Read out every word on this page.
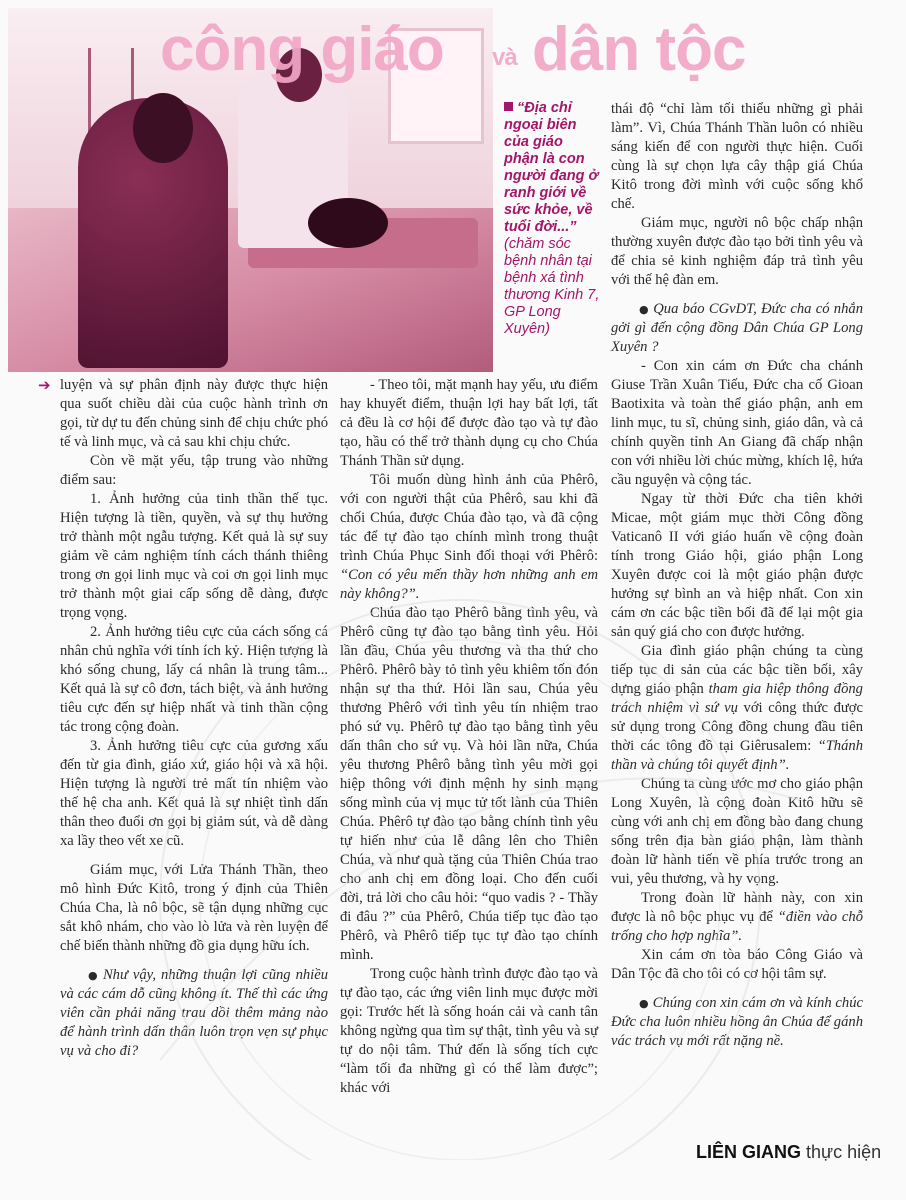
công giáo và dân tộc
“Địa chỉ ngoại biên của giáo phận là con người đang ở ranh giới về sức khỏe, về tuổi đời...” (chăm sóc bệnh nhân tại bệnh xá tình thương Kinh 7, GP Long Xuyên)
➔ luyện và sự phân định này được thực hiện qua suốt chiều dài của cuộc hành trình ơn gọi, từ dự tu đến chủng sinh để chịu chức phó tế và linh mục, và cả sau khi chịu chức.

Còn về mặt yếu, tập trung vào những điểm sau:

1. Ảnh hưởng của tinh thần thế tục. Hiện tượng là tiền, quyền, và sự thụ hưởng trở thành một ngẫu tượng. Kết quả là sự suy giảm về cảm nghiệm tính cách thánh thiêng trong ơn gọi linh mục và coi ơn gọi linh mục trở thành một giai cấp sống dễ dàng, được trọng vọng.

2. Ảnh hưởng tiêu cực của cách sống cá nhân chủ nghĩa với tính ích kỷ. Hiện tượng là khó sống chung, lấy cá nhân là trung tâm... Kết quả là sự cô đơn, tách biệt, và ảnh hưởng tiêu cực đến sự hiệp nhất và tinh thần cộng tác trong cộng đoàn.

3. Ảnh hưởng tiêu cực của gương xấu đến từ gia đình, giáo xứ, giáo hội và xã hội. Hiện tượng là người trẻ mất tín nhiệm vào thế hệ cha anh. Kết quả là sự nhiệt tình dấn thân theo đuổi ơn gọi bị giảm sút, và dễ dàng xa lầy theo vết xe cũ.

Giám mục, với Lửa Thánh Thần, theo mô hình Đức Kitô, trong ý định của Thiên Chúa Cha, là nô bộc, sẽ tận dụng những cục sắt khô nhám, cho vào lò lửa và rèn luyện để chế biến thành những đồ gia dụng hữu ích.

● Như vậy, những thuận lợi cũng nhiều và các cám dỗ cũng không ít. Thế thì các ứng viên cần phải năng trau dồi thêm mảng nào để hành trình dấn thân luôn trọn vẹn sự phục vụ và cho đi?

- Theo tôi, mặt mạnh hay yếu, ưu điểm hay khuyết điểm, thuận lợi hay bất lợi, tất cả đều là cơ hội để được đào tạo và tự đào tạo, hầu có thể trở thành dụng cụ cho Chúa Thánh Thần sử dụng.

Tôi muốn dùng hình ảnh của Phêrô, với con người thật của Phêrô, sau khi đã chối Chúa, được Chúa đào tạo, và đã cộng tác để tự đào tạo chính mình trong thuật trình Chúa Phục Sinh đối thoại với Phêrô: “Con có yêu mến thầy hơn những anh em này không?”.

Chúa đào tạo Phêrô bằng tình yêu, và Phêrô cũng tự đào tạo bằng tình yêu. Hỏi lần đầu, Chúa yêu thương và tha thứ cho Phêrô. Phêrô bày tỏ tình yêu khiêm tốn đón nhận sự tha thứ. Hỏi lần sau, Chúa yêu thương Phêrô với tình yêu tín nhiệm trao phó sứ vụ. Phêrô tự đào tạo bằng tình yêu dấn thân cho sứ vụ. Và hỏi lần nữa, Chúa yêu thương Phêrô bằng tình yêu mời gọi hiệp thông với định mệnh hy sinh mạng sống mình của vị mục tử tốt lành của Thiên Chúa. Phêrô tự đào tạo bằng chính tình yêu tự hiến như của lễ dâng lên cho Thiên Chúa, và như quà tặng của Thiên Chúa trao cho anh chị em đồng loại. Cho đến cuối đời, trả lời cho câu hỏi: “quo vadis ? - Thầy đi đâu ?” của Phêrô, Chúa tiếp tục đào tạo Phêrô, và Phêrô tiếp tục tự đào tạo chính mình.

Trong cuộc hành trình được đào tạo và tự đào tạo, các ứng viên linh mục được mời gọi: Trước hết là sống hoán cải và canh tân không ngừng qua tìm sự thật, tình yêu và sự tự do nội tâm. Thứ đến là sống tích cực “làm tối đa những gì có thể làm được”; khác với

thái độ “chỉ làm tối thiểu những gì phải làm”. Vì, Chúa Thánh Thần luôn có nhiều sáng kiến để con người thực hiện. Cuối cùng là sự chọn lựa cây thập giá Chúa Kitô trong đời mình với cuộc sống khổ chế.

Giám mục, người nô bộc chấp nhận thường xuyên được đào tạo bởi tình yêu và để chia sẻ kinh nghiệm đáp trả tình yêu với thế hệ đàn em.

● Qua báo CGvDT, Đức cha có nhắn gởi gì đến cộng đồng Dân Chúa GP Long Xuyên ?

- Con xin cám ơn Đức cha chánh Giuse Trần Xuân Tiếu, Đức cha cố Gioan Baotixita và toàn thể giáo phận, anh em linh mục, tu sĩ, chủng sinh, giáo dân, và cả chính quyền tỉnh An Giang đã chấp nhận con với nhiều lời chúc mừng, khích lệ, hứa cầu nguyện và cộng tác.

Ngay từ thời Đức cha tiên khởi Micae, một giám mục thời Công đồng Vaticanô II với giáo huấn về cộng đoàn tính trong Giáo hội, giáo phận Long Xuyên được coi là một giáo phận được hưởng sự bình an và hiệp nhất. Con xin cám ơn các bậc tiền bối đã để lại một gia sản quý giá cho con được hưởng.

Gia đình giáo phận chúng ta cùng tiếp tục di sản của các bậc tiền bối, xây dựng giáo phận tham gia hiệp thông đồng trách nhiệm vì sứ vụ với công thức được sử dụng trong Công đồng chung đầu tiên thời các tông đồ tại Giêrusalem: “Thánh thần và chúng tôi quyết định”.

Chúng ta cùng ước mơ cho giáo phận Long Xuyên, là cộng đoàn Kitô hữu sẽ cùng với anh chị em đồng bào đang chung sống trên địa bàn giáo phận, làm thành đoàn lữ hành tiến về phía trước trong an vui, yêu thương, và hy vọng.

Trong đoàn lữ hành này, con xin được là nô bộc phục vụ để “điền vào chỗ trống cho hợp nghĩa”.

Xin cám ơn tòa báo Công Giáo và Dân Tộc đã cho tôi có cơ hội tâm sự.

● Chúng con xin cám ơn và kính chúc Đức cha luôn nhiều hồng ân Chúa để gánh vác trách vụ mới rất nặng nề.

LIÊN GIANG thực hiện
